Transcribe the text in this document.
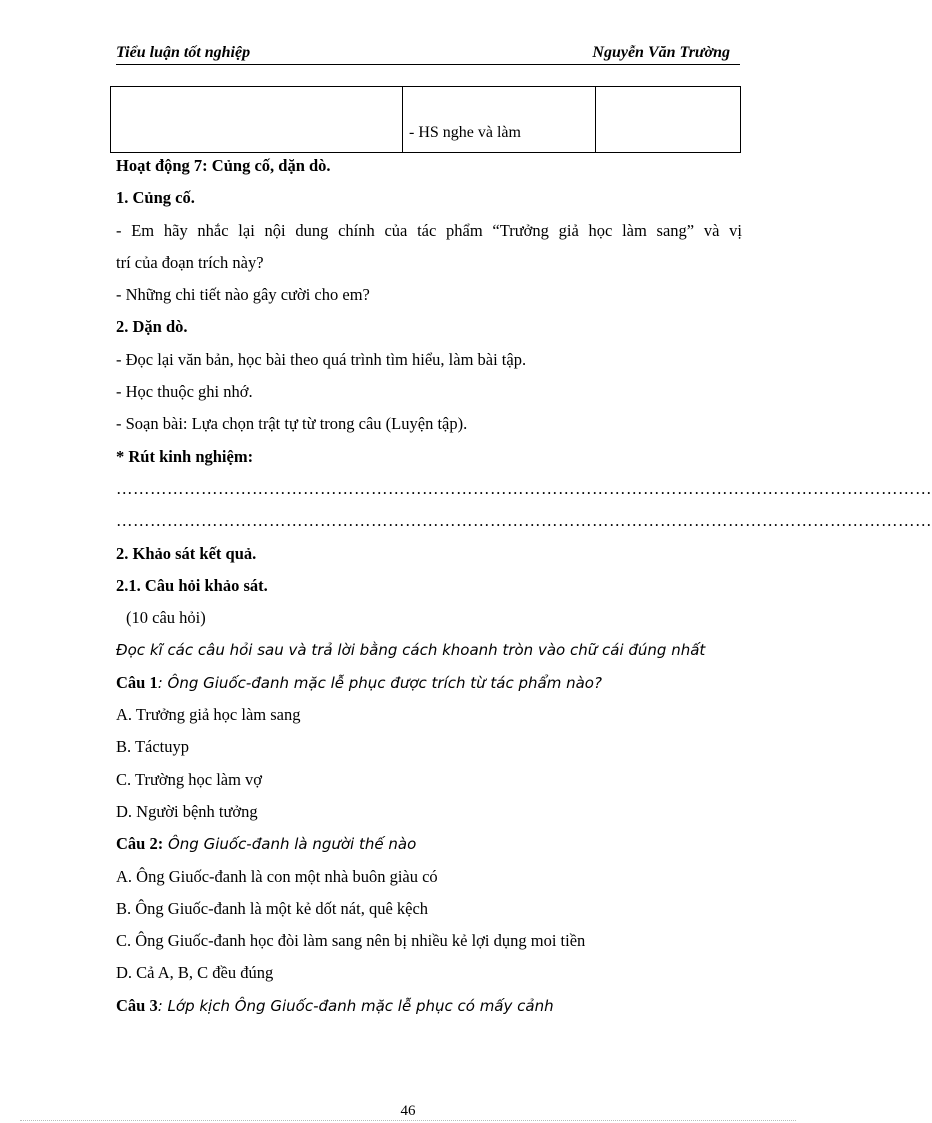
Tiểu luận tốt nghiệp	Nguyễn Văn Trường
	- HS nghe và làm	
Hoạt động 7: Củng cố, dặn dò.
1. Củng cố.
- Em hãy nhắc lại nội dung chính của tác phẩm “Trưởng giả học làm sang” và vị
trí của đoạn trích này?
- Những chi tiết nào gây cười cho em?
2. Dặn dò.
- Đọc lại văn bản, học bài theo quá trình tìm hiểu, làm bài tập.
- Học thuộc ghi nhớ.
- Soạn bài: Lựa chọn trật tự từ trong câu (Luyện tập).
* Rút kinh nghiệm:
………………………………………………………………………………………………………………………………
………………………………………………………………………………………………………………………………
2. Khảo sát kết quả.
2.1. Câu hỏi khảo sát.
(10 câu hỏi)
Đọc kĩ các câu hỏi sau và trả lời bằng cách khoanh tròn vào chữ cái đúng nhất
Câu 1: Ông Giuốc-đanh mặc lễ phục được trích từ tác phẩm nào?
A. Trưởng giả học làm sang
B. Táctuyp
C. Trường học làm vợ
D. Người bệnh tưởng
Câu 2: Ông Giuốc-đanh là người thế nào
A. Ông Giuốc-đanh là con một nhà buôn giàu có
B. Ông Giuốc-đanh là một kẻ dốt nát, quê kệch
C. Ông Giuốc-đanh học đòi làm sang nên bị nhiều kẻ lợi dụng moi tiền
D. Cả A, B, C đều đúng
Câu 3: Lớp kịch Ông Giuốc-đanh mặc lễ phục có mấy cảnh
46
